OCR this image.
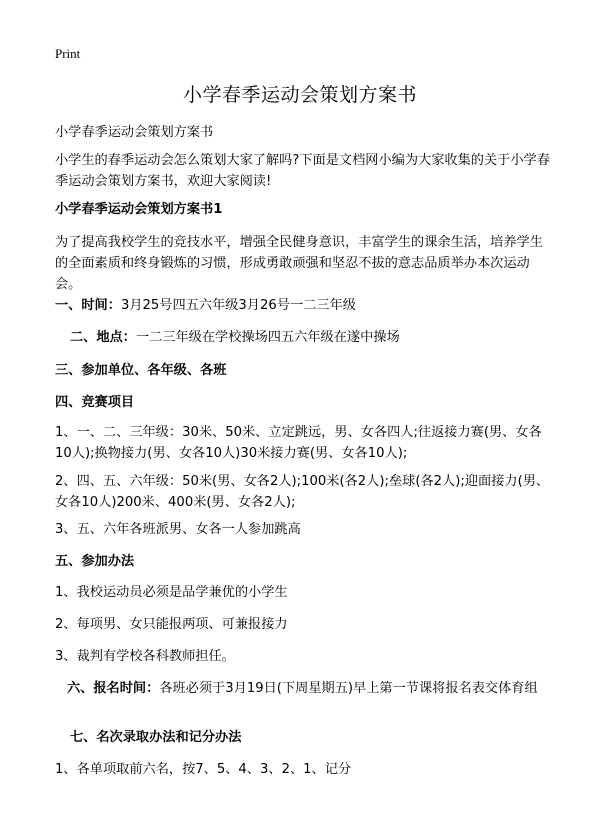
Print
小学春季运动会策划方案书

小学春季运动会策划方案书

小学生的春季运动会怎么策划大家了解吗?下面是文档网小编为大家收集的关于小学春季运动会策划方案书，欢迎大家阅读!

小学春季运动会策划方案书1

为了提高我校学生的竞技水平，增强全民健身意识，丰富学生的课余生活，培养学生的全面素质和终身锻炼的习惯，形成勇敢顽强和坚忍不拔的意志品质举办本次运动会。

一、时间：3月25号四五六年级3月26号一二三年级

二、地点：一二三年级在学校操场四五六年级在遂中操场

三、参加单位、各年级、各班

四、竞赛项目

1、一、二、三年级：30米、50米、立定跳远，男、女各四人;往返接力赛(男、女各10人);换物接力(男、女各10人)30米接力赛(男、女各10人);

2、四、五、六年级：50米(男、女各2人);100米(各2人);垒球(各2人);迎面接力(男、女各10人)200米、400米(男、女各2人);

3、五、六年各班派男、女各一人参加跳高

五、参加办法

1、我校运动员必须是品学兼优的小学生

2、每项男、女只能报两项、可兼报接力

3、裁判有学校各科教师担任。

六、报名时间：各班必须于3月19日(下周星期五)早上第一节课将报名表交体育组

七、名次录取办法和记分办法

1、各单项取前六名，按7、5、4、3、2、1、记分
